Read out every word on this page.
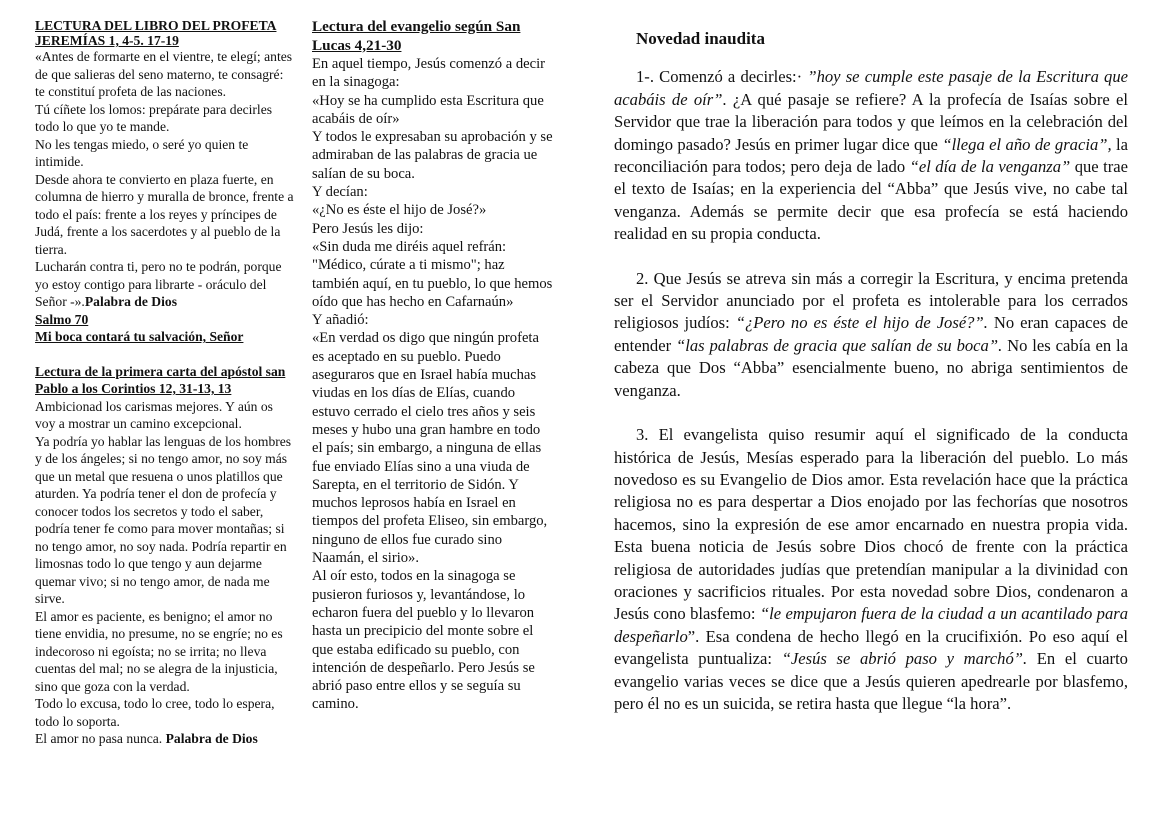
LECTURA DEL LIBRO DEL PROFETA JEREMÍAS 1, 4-5. 17-19

«Antes de formarte en el vientre, te elegí; antes de que salieras del seno materno, te consagré: te constituí profeta de las naciones.

Tú cíñete los lomos: prepárate para decirles todo lo que yo te mande.

No les tengas miedo, o seré yo quien te intimide.

Desde ahora te convierto en plaza fuerte, en columna de hierro y muralla de bronce, frente a todo el país: frente a los reyes y príncipes de Judá, frente a los sacerdotes y al pueblo de la tierra.

Lucharán contra ti, pero no te podrán, porque yo estoy contigo para librarte - oráculo del Señor -».Palabra de Dios

Salmo 70

Mi boca contará tu salvación, Señor

Lectura de la primera carta del apóstol san Pablo a los Corintios 12, 31-13, 13

Ambicionad los carismas mejores. Y aún os voy a mostrar un camino excepcional.

Ya podría yo hablar las lenguas de los hombres y de los ángeles; si no tengo amor, no soy más que un metal que resuena o unos platillos que aturden. Ya podría tener el don de profecía y conocer todos los secretos y todo el saber, podría tener fe como para mover montañas; si no tengo amor, no soy nada. Podría repartir en limosnas todo lo que tengo y aun dejarme quemar vivo; si no tengo amor, de nada me sirve.

El amor es paciente, es benigno; el amor no tiene envidia, no presume, no se engríe; no es indecoroso ni egoísta; no se irrita; no lleva cuentas del mal; no se alegra de la injusticia, sino que goza con la verdad.

Todo lo excusa, todo lo cree, todo lo espera, todo lo soporta.

El amor no pasa nunca. Palabra de Dios

Lectura del evangelio según San Lucas 4,21-30

En aquel tiempo, Jesús comenzó a decir en la sinagoga:

«Hoy se ha cumplido esta Escritura que acabáis de oír»

Y todos le expresaban su aprobación y se admiraban de las palabras de gracia ue salían de su boca.

Y decían:

«¿No es éste el hijo de José?»

Pero Jesús les dijo:

«Sin duda me diréis aquel refrán: "Médico, cúrate a ti mismo"; haz también aquí, en tu pueblo, lo que hemos oído que has hecho en Cafarnaún»

Y añadió:

«En verdad os digo que ningún profeta es aceptado en su pueblo. Puedo aseguraros que en Israel había muchas viudas en los días de Elías, cuando estuvo cerrado el cielo tres años y seis meses y hubo una gran hambre en todo el país; sin embargo, a ninguna de ellas fue enviado Elías sino a una viuda de Sarepta, en el territorio de Sidón. Y muchos leprosos había en Israel en tiempos del profeta Eliseo, sin embargo, ninguno de ellos fue curado sino Naamán, el sirio».

Al oír esto, todos en la sinagoga se pusieron furiosos y, levantándose, lo echaron fuera del pueblo y lo llevaron hasta un precipicio del monte sobre el que estaba edificado su pueblo, con intención de despeñarlo. Pero Jesús se abrió paso entre ellos y se seguía su camino.

Novedad inaudita

1-. Comenzó a decirles:· ”hoy se cumple este pasaje de la Escritura que acabáis de oír”. ¿A qué pasaje se refiere? A la profecía de Isaías sobre el Servidor que trae la liberación para todos y que leímos en la celebración del domingo pasado? Jesús en primer lugar dice que “llega el año de gracia”, la reconciliación para todos; pero deja de lado “el día de la venganza” que trae el texto de Isaías; en la experiencia del “Abba” que Jesús vive, no cabe tal venganza. Además se permite decir que esa profecía se está haciendo realidad en su propia conducta.

2. Que Jesús se atreva sin más a corregir la Escritura, y encima pretenda ser el Servidor anunciado por el profeta es intolerable para los cerrados religiosos judíos: “¿Pero no es éste el hijo de José?”. No eran capaces de entender “las palabras de gracia que salían de su boca”. No les cabía en la cabeza que Dos “Abba” esencialmente bueno, no abriga sentimientos de venganza.

3. El evangelista quiso resumir aquí el significado de la conducta histórica de Jesús, Mesías esperado para la liberación del pueblo. Lo más novedoso es su Evangelio de Dios amor. Esta revelación hace que la práctica religiosa no es para despertar a Dios enojado por las fechorías que nosotros hacemos, sino la expresión de ese amor encarnado en nuestra propia vida. Esta buena noticia de Jesús sobre Dios chocó de frente con la práctica religiosa de autoridades judías que pretendían manipular a la divinidad con oraciones y sacrificios rituales. Por esta novedad sobre Dios, condenaron a Jesús cono blasfemo: “le empujaron fuera de la ciudad a un acantilado para despeñarlo”. Esa condena de hecho llegó en la crucifixión. Po eso aquí el evangelista puntualiza: “Jesús se abrió paso y marchó”. En el cuarto evangelio varias veces se dice que a Jesús quieren apedrearle por blasfemo, pero él no es un suicida, se retira hasta que llegue “la hora”.
